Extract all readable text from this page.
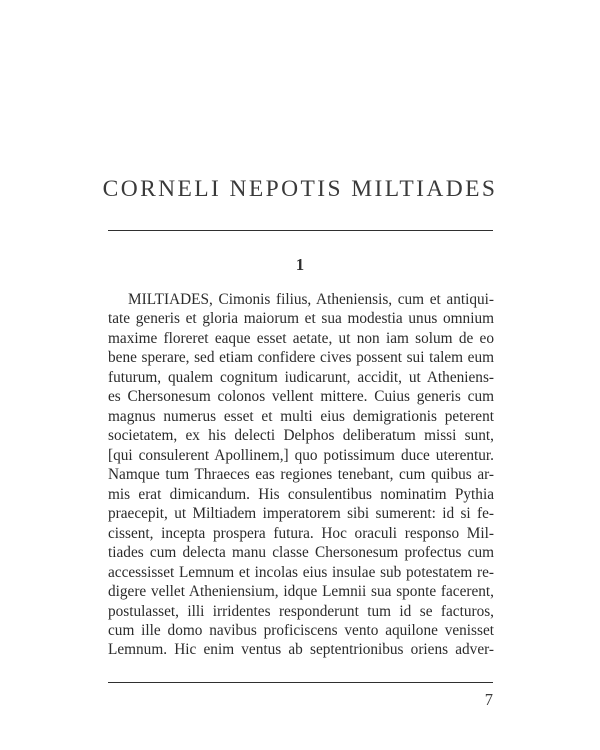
CORNELI NEPOTIS MILTIADES
1
MILTIADES, Cimonis filius, Atheniensis, cum et antiqui-
tate generis et gloria maiorum et sua modestia unus omnium
maxime floreret eaque esset aetate, ut non iam solum de eo
bene sperare, sed etiam confidere cives possent sui talem eum
futurum, qualem cognitum iudicarunt, accidit, ut Atheniens-
es Chersonesum colonos vellent mittere. Cuius generis cum
magnus numerus esset et multi eius demigrationis peterent
societatem, ex his delecti Delphos deliberatum missi sunt,
[qui consulerent Apollinem,] quo potissimum duce uterentur.
Namque tum Thraeces eas regiones tenebant, cum quibus ar-
mis erat dimicandum. His consulentibus nominatim Pythia
praecepit, ut Miltiadem imperatorem sibi sumerent: id si fe-
cissent, incepta prospera futura. Hoc oraculi responso Mil-
tiades cum delecta manu classe Chersonesum profectus cum
accessisset Lemnum et incolas eius insulae sub potestatem re-
digere vellet Atheniensium, idque Lemnii sua sponte facerent,
postulasset, illi irridentes responderunt tum id se facturos,
cum ille domo navibus proficiscens vento aquilone venisset
Lemnum. Hic enim ventus ab septentrionibus oriens adver-
7
